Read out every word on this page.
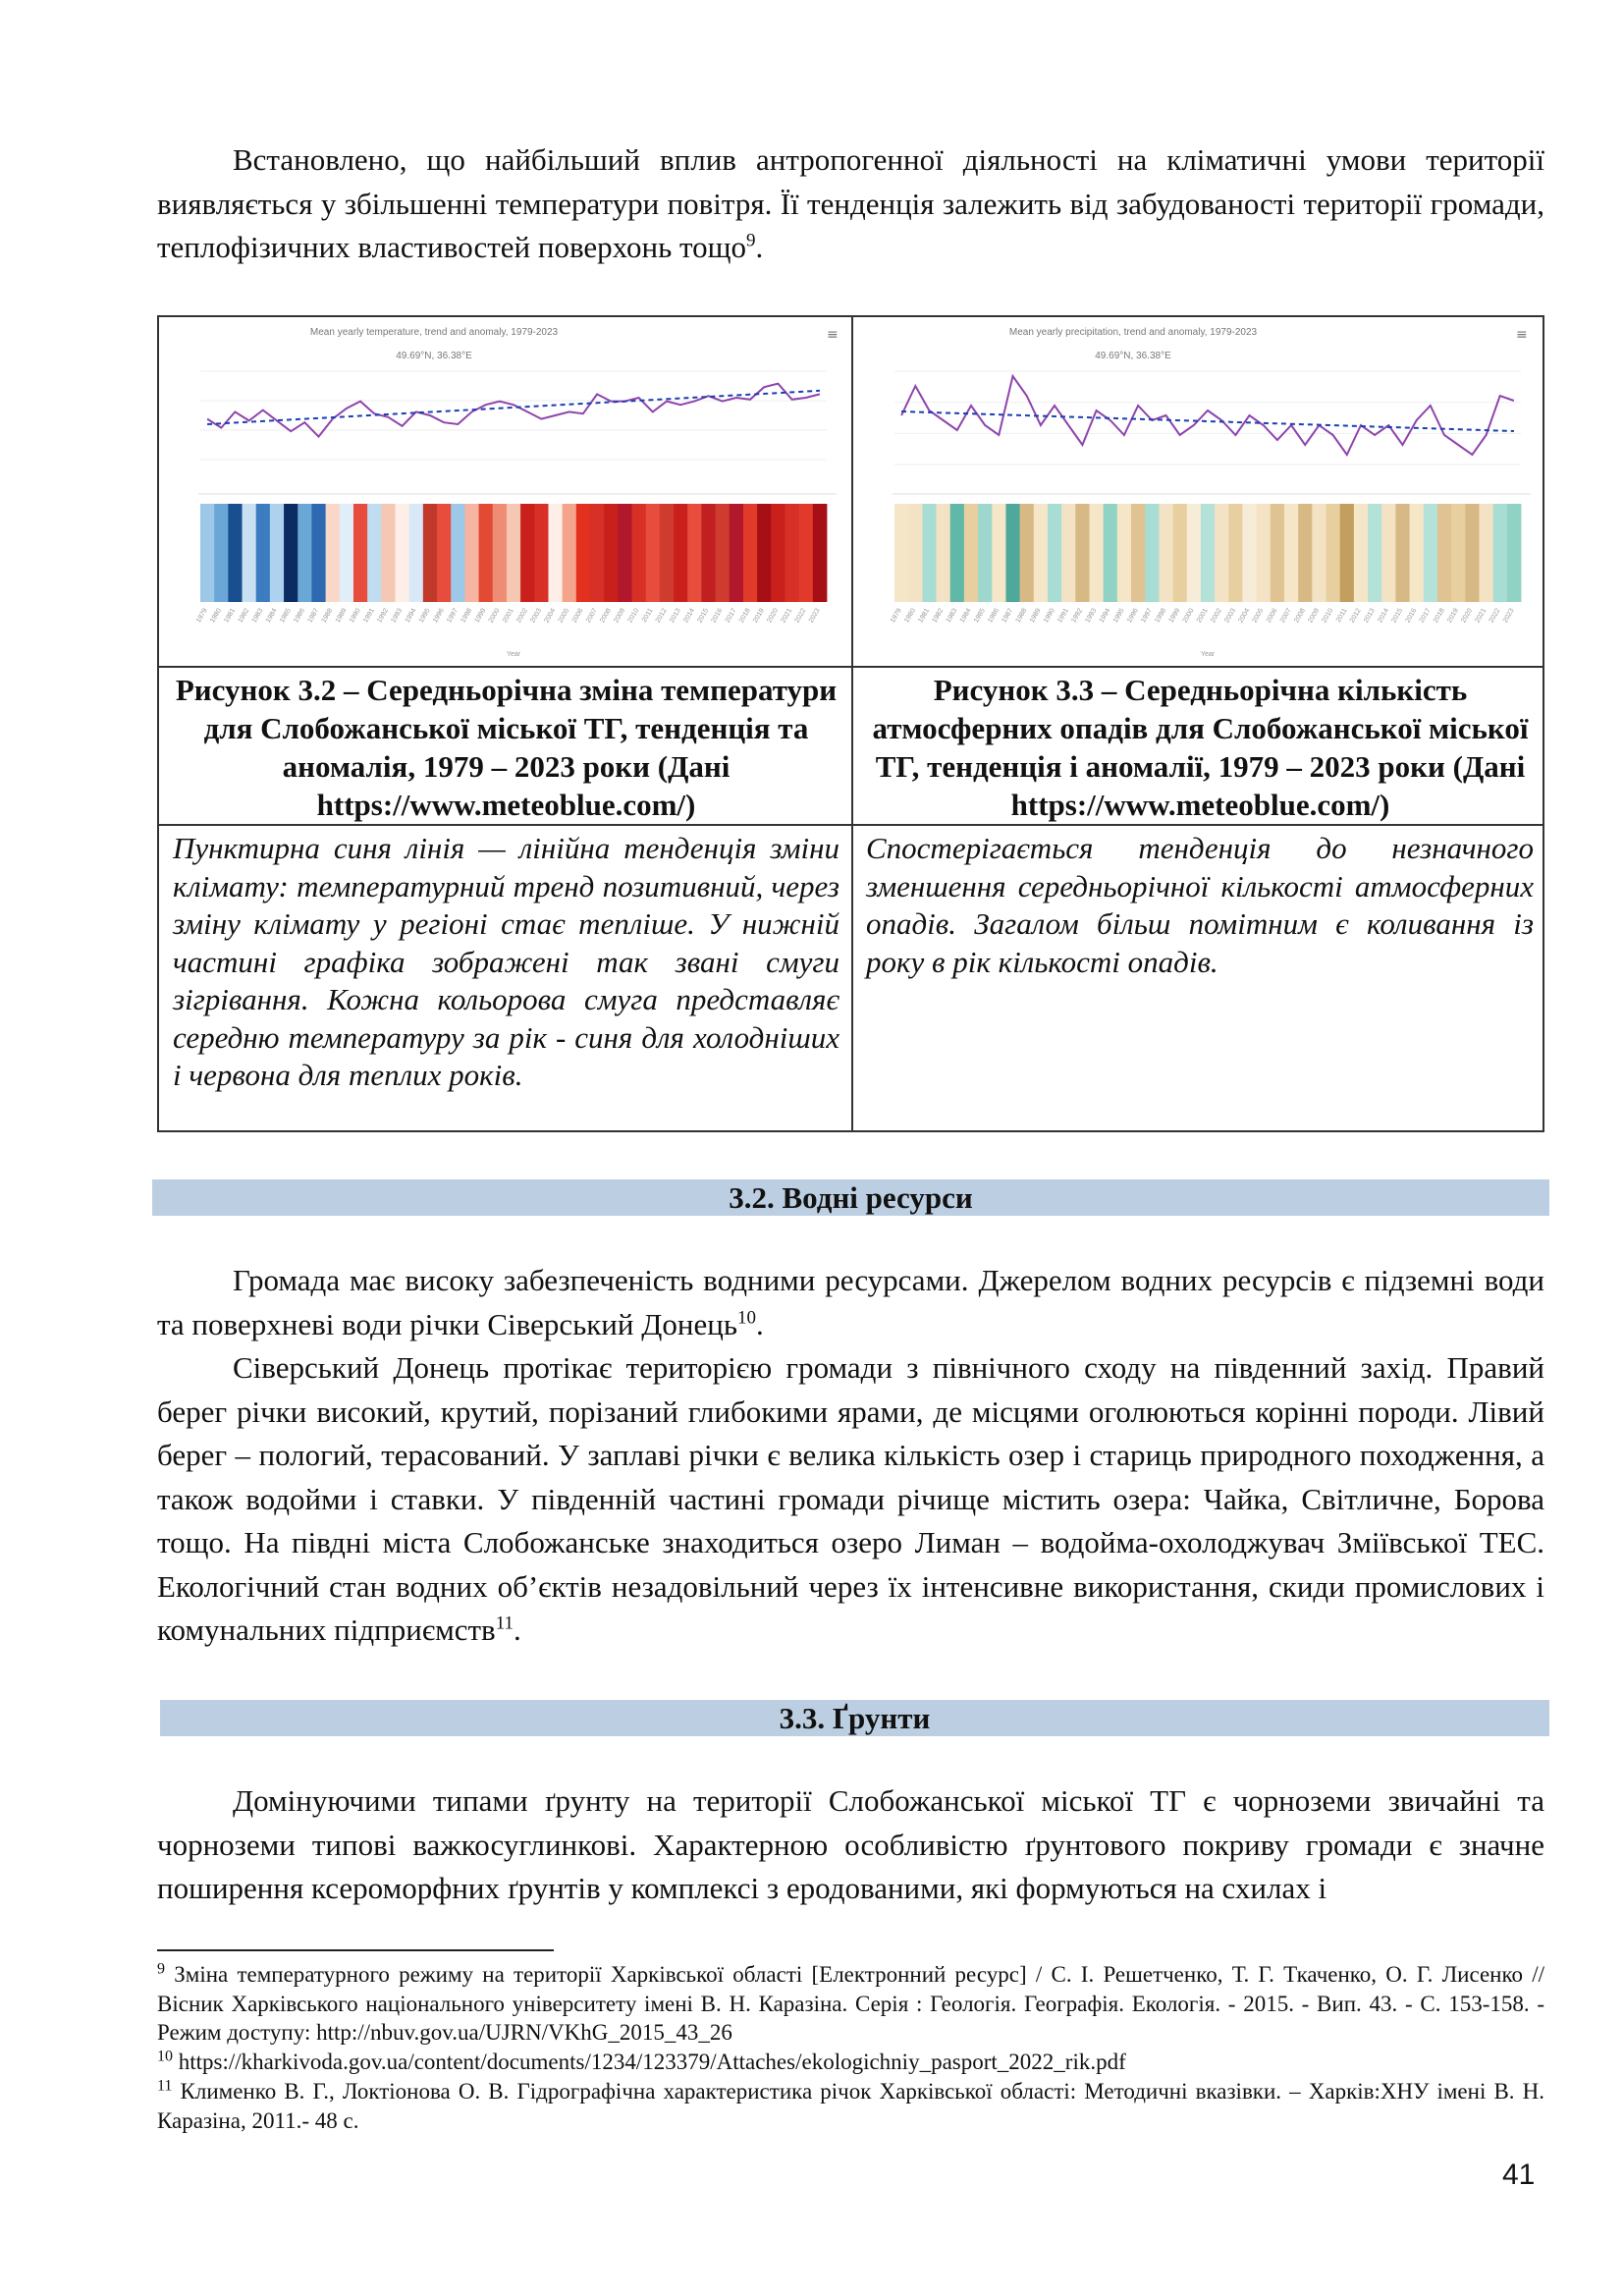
Встановлено, що найбільший вплив антропогенної діяльності на кліматичні умови території виявляється у збільшенні температури повітря. Її тенденція залежить від забудованості території громади, теплофізичних властивостей поверхонь тощо$^9$.
Mean yearly temperature, trend and anomaly, 1979-2023
49.69°N, 36.38°E
≡
1979 1980 1981 1982 1983 1984 1985 1986 1987 1988 1989 1990 1991 1992 1993 1994 1995 1996 1997 1998 1999 2000 2001 2002 2003 2004 2005 2006 2007 2008 2009 2010 2011 2012 2013 2014 2015 2016 2017 2018 2019 2020 2021 2022 2023
Year
Mean yearly precipitation, trend and anomaly, 1979-2023
49.69°N, 36.38°E
≡
1979 1980 1981 1982 1983 1984 1985 1986 1987 1988 1989 1990 1991 1992 1993 1994 1995 1996 1997 1998 1999 2000 2001 2002 2003 2004 2005 2006 2007 2008 2009 2010 2011 2012 2013 2014 2015 2016 2017 2018 2019 2020 2021 2022 2023
Year
Рисунок 3.2 – Середньорічна зміна температури для Слобожанської міської ТГ, тенденція та аномалія, 1979 – 2023 роки (Дані https://www.meteoblue.com/)
Рисунок 3.3 – Середньорічна кількість атмосферних опадів для Слобожанської міської ТГ, тенденція і аномалії, 1979 – 2023 роки (Дані https://www.meteoblue.com/)
Пунктирна синя лінія — лінійна тенденція зміни клімату: температурний тренд позитивний, через зміну клімату у регіоні стає тепліше. У нижній частині графіка зображені так звані смуги зігрівання. Кожна кольорова смуга представляє середню температуру за рік - синя для холодніших і червона для теплих років.
Спостерігається тенденція до незначного зменшення середньорічної кількості атмосферних опадів. Загалом більш помітним є коливання із року в рік кількості опадів.
3.2. Водні ресурси
Громада має високу забезпеченість водними ресурсами. Джерелом водних ресурсів є підземні води та поверхневі води річки Сіверський Донець$^{10}$.
Сіверський Донець протікає територією громади з північного сходу на південний захід. Правий берег річки високий, крутий, порізаний глибокими ярами, де місцями оголюються корінні породи. Лівий берег – пологий, терасований. У заплаві річки є велика кількість озер і стариць природного походження, а також водойми і ставки. У південній частині громади річище містить озера: Чайка, Світличне, Борова тощо. На півдні міста Слобожанське знаходиться озеро Лиман – водойма-охолоджувач Зміївської ТЕС. Екологічний стан водних об’єктів незадовільний через їх інтенсивне використання, скиди промислових і комунальних підприємств$^{11}$.
3.3. Ґрунти
Домінуючими типами ґрунту на території Слобожанської міської ТГ є чорноземи звичайні та чорноземи типові важкосуглинкові. Характерною особливістю ґрунтового покриву громади є значне поширення ксероморфних ґрунтів у комплексі з еродованими, які формуються на схилах і
$^9$ Зміна температурного режиму на території Харківської області [Електронний ресурс] / С. І. Решетченко, Т. Г. Ткаченко, О. Г. Лисенко // Вісник Харківського національного університету імені В. Н. Каразіна. Серія : Геологія. Географія. Екологія. - 2015. - Вип. 43. - С. 153-158. - Режим доступу: http://nbuv.gov.ua/UJRN/VKhG_2015_43_26
$^{10}$ https://kharkivoda.gov.ua/content/documents/1234/123379/Attaches/ekologichniy_pasport_2022_rik.pdf
$^{11}$ Клименко В. Г., Локтіонова О. В. Гідрографічна характеристика річок Харківської області: Методичні вказівки. – Харків:ХНУ імені В. Н. Каразіна, 2011.- 48 с.
41
